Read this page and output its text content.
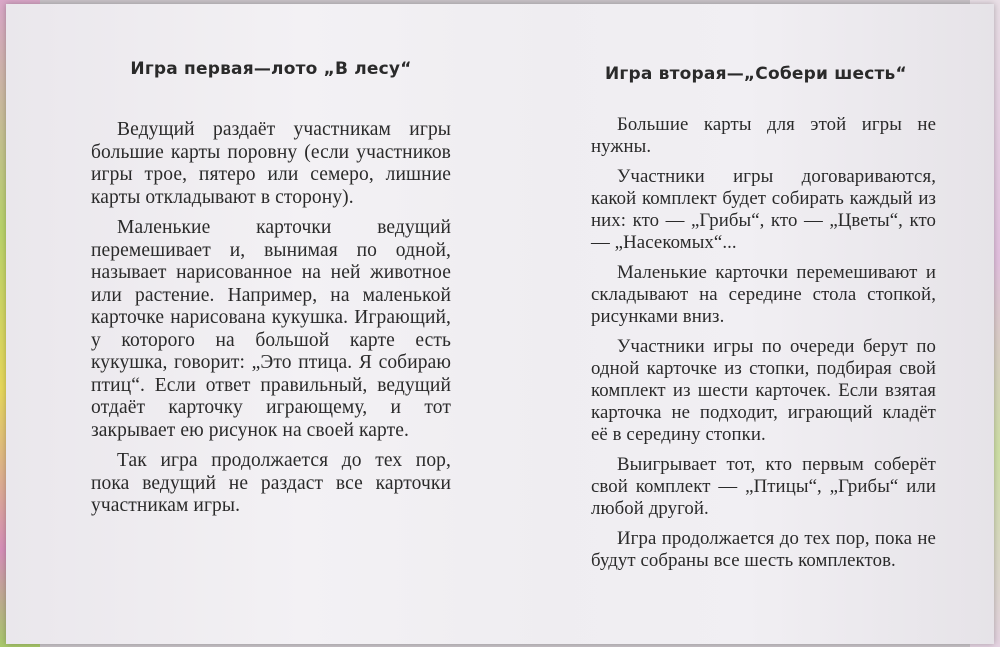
Игра первая—лото „В лесу“

Ведущий раздаёт участникам игры большие карты поровну (если участников игры трое, пятеро или семеро, лишние карты откладывают в сторону).

Маленькие карточки ведущий перемешивает и, вынимая по одной, называет нарисованное на ней животное или растение. Например, на маленькой карточке нарисована кукушка. Играющий, у которого на большой карте есть кукушка, говорит: „Это птица. Я собираю птиц“. Если ответ правильный, ведущий отдаёт карточку играющему, и тот закрывает ею рисунок на своей карте.

Так игра продолжается до тех пор, пока ведущий не раздаст все карточки участникам игры.

Игра вторая—„Собери шесть“

Большие карты для этой игры не нужны.

Участники игры договариваются, какой комплект будет собирать каждый из них: кто — „Грибы“, кто — „Цветы“, кто — „Насекомых“...

Маленькие карточки перемешивают и складывают на середине стола стопкой, рисунками вниз.

Участники игры по очереди берут по одной карточке из стопки, подбирая свой комплект из шести карточек. Если взятая карточка не подходит, играющий кладёт её в середину стопки.

Выигрывает тот, кто первым соберёт свой комплект — „Птицы“, „Грибы“ или любой другой.

Игра продолжается до тех пор, пока не будут собраны все шесть комплектов.
